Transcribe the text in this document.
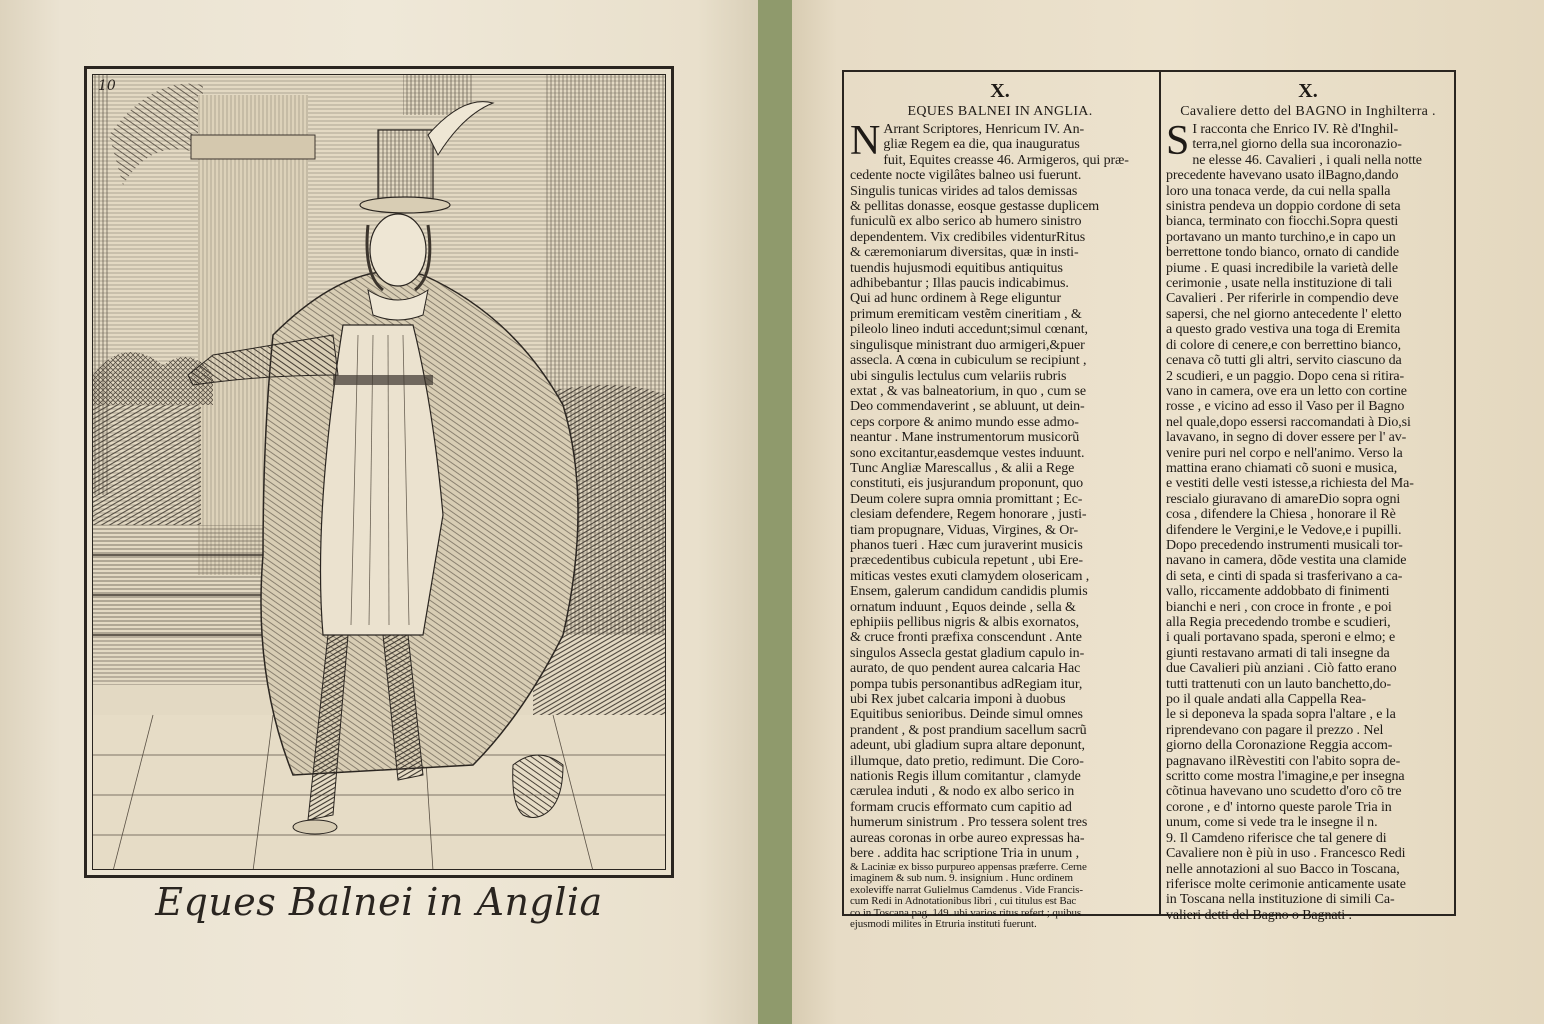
10
Eques Balnei in Anglia
X.
EQUES BALNEI IN ANGLIA.
N Arrant Scriptores, Henricum IV. An-
gliæ Regem ea die, qua inauguratus
fuit, Equites creasse 46. Armigeros, qui præ-
cedente nocte vigilâtes balneo usi fuerunt.
Singulis tunicas virides ad talos demissas
& pellitas donasse, eosque gestasse duplicem
funiculũ ex albo serico ab humero sinistro
dependentem. Vix credibiles videnturRitus
& cæremoniarum diversitas, quæ in insti-
tuendis hujusmodi equitibus antiquitus
adhibebantur ; Illas paucis indicabimus.
Qui ad hunc ordinem à Rege eliguntur
primum eremiticam vestẽm cineritiam , &
pileolo lineo induti accedunt;simul cœnant,
singulisque ministrant duo armigeri,&puer
assecla. A cœna in cubiculum se recipiunt ,
ubi singulis lectulus cum velariis rubris
extat , & vas balneatorium, in quo , cum se
Deo commendaverint , se abluunt, ut dein-
ceps corpore & animo mundo esse admo-
neantur . Mane instrumentorum musicorũ
sono excitantur,easdemque vestes induunt.
Tunc Angliæ Marescallus , & alii a Rege
constituti, eis jusjurandum proponunt, quo
Deum colere supra omnia promittant ; Ec-
clesiam defendere, Regem honorare , justi-
tiam propugnare, Viduas, Virgines, & Or-
phanos tueri . Hæc cum juraverint musicis
præcedentibus cubicula repetunt , ubi Ere-
miticas vestes exuti clamydem olosericam ,
Ensem, galerum candidum candidis plumis
ornatum induunt , Equos deinde , sella &
ephipiis pellibus nigris & albis exornatos,
& cruce fronti præfixa conscendunt . Ante
singulos Assecla gestat gladium capulo in-
aurato, de quo pendent aurea calcaria Hac
pompa tubis personantibus adRegiam itur,
ubi Rex jubet calcaria imponi à duobus
Equitibus senioribus. Deinde simul omnes
prandent , & post prandium sacellum sacrũ
adeunt, ubi gladium supra altare deponunt,
illumque, dato pretio, redimunt. Die Coro-
nationis Regis illum comitantur , clamyde
cærulea induti , & nodo ex albo serico in
formam crucis efformato cum capitio ad
humerum sinistrum . Pro tessera solent tres
aureas coronas in orbe aureo expressas ha-
bere . addita hac scriptione Tria in unum ,
& Laciniæ ex bisso purpureo appensas præferre. Cerne
imaginem & sub num. 9. insignium . Hunc ordinem
exoleviffe narrat Gulielmus Camdenus . Vide Francis-
cum Redi in Adnotationibus libri , cui titulus est Bac
co in Toscana pag. 149. ubi varios ritus refert ; quibus
ejusmodi milites in Etruria instituti fuerunt.
X.
Cavaliere detto del BAGNO in Inghilterra .
S I racconta che Enrico IV. Rè d'Inghil-
terra,nel giorno della sua incoronazio-
ne elesse 46. Cavalieri , i quali nella notte
precedente havevano usato ilBagno,dando
loro una tonaca verde, da cui nella spalla
sinistra pendeva un doppio cordone di seta
bianca, terminato con fiocchi.Sopra questi
portavano un manto turchino,e in capo un
berrettone tondo bianco, ornato di candide
piume . E quasi incredibile la varietà delle
cerimonie , usate nella instituzione di tali
Cavalieri . Per riferirle in compendio deve
sapersi, che nel giorno antecedente l' eletto
a questo grado vestiva una toga di Eremita
di colore di cenere,e con berrettino bianco,
cenava cõ tutti gli altri, servito ciascuno da
2 scudieri, e un paggio. Dopo cena si ritira-
vano in camera, ove era un letto con cortine
rosse , e vicino ad esso il Vaso per il Bagno
nel quale,dopo essersi raccomandati à Dio,si
lavavano, in segno di dover essere per l' av-
venire puri nel corpo e nell'animo. Verso la
mattina erano chiamati cõ suoni e musica,
e vestiti delle vesti istesse,a richiesta del Ma-
rescialo giuravano di amareDio sopra ogni
cosa , difendere la Chiesa , honorare il Rè
difendere le Vergini,e le Vedove,e i pupilli.
Dopo precedendo instrumenti musicali tor-
navano in camera, dõde vestita una clamide
di seta, e cinti di spada si trasferivano a ca-
vallo, riccamente addobbato di finimenti
bianchi e neri , con croce in fronte , e poi
alla Regia precedendo trombe e scudieri,
i quali portavano spada, speroni e elmo; e
giunti restavano armati di tali insegne da
due Cavalieri più anziani . Ciò fatto erano
tutti trattenuti con un lauto banchetto,do-
po il quale andati alla Cappella Rea-
le si deponeva la spada sopra l'altare , e la
riprendevano con pagare il prezzo . Nel
giorno della Coronazione Reggia accom-
pagnavano ilRèvestiti con l'abito sopra de-
scritto come mostra l'imagine,e per insegna
cõtinua havevano uno scudetto d'oro cõ tre
corone , e d' intorno queste parole Tria in
unum, come si vede tra le insegne il n.
9. Il Camdeno riferisce che tal genere di
Cavaliere non è più in uso . Francesco Redi
nelle annotazioni al suo Bacco in Toscana,
riferisce molte cerimonie anticamente usate
in Toscana nella instituzione di simili Ca-
valieri detti del Bagno o Bagnati .
